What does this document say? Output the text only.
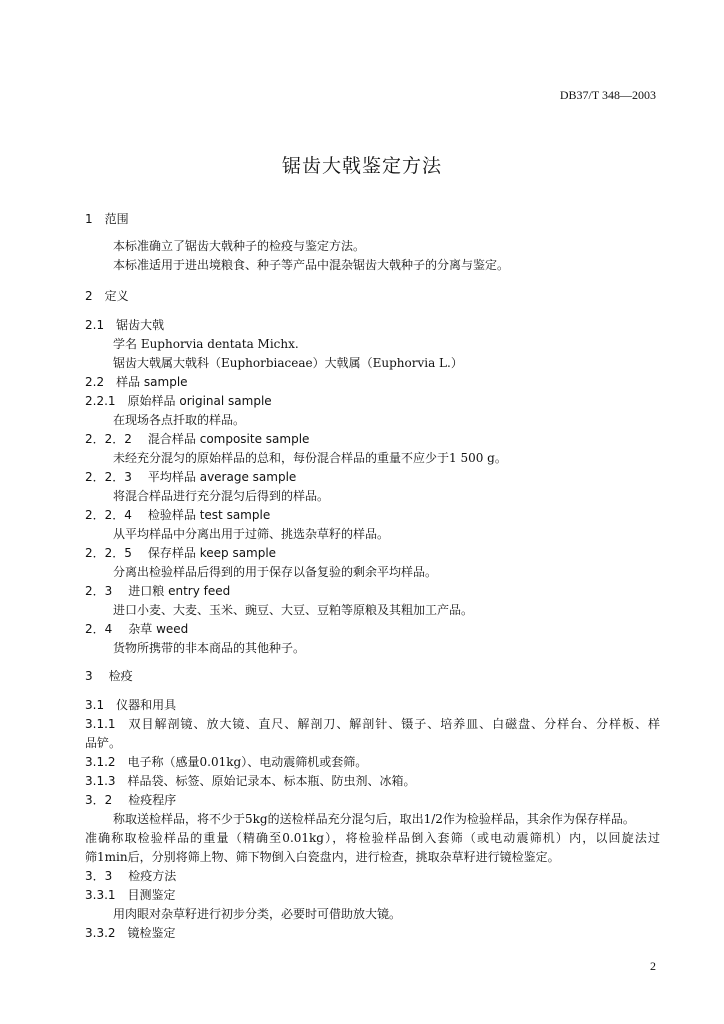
DB37/T 348—2003
锯齿大戟鉴定方法
1 范围
本标准确立了锯齿大戟种子的检疫与鉴定方法。
本标准适用于进出境粮食、种子等产品中混杂锯齿大戟种子的分离与鉴定。
2 定义
2.1 锯齿大戟
学名 Euphorvia dentata Michx.
锯齿大戟属大戟科（Euphorbiaceae）大戟属（Euphorvia L.）
2.2 样品 sample
2.2.1 原始样品 original sample
在现场各点扦取的样品。
2．2．2 混合样品 composite sample
未经充分混匀的原始样品的总和，每份混合样品的重量不应少于1 500 g。
2．2．3 平均样品 average sample
将混合样品进行充分混匀后得到的样品。
2．2．4 检验样品 test sample
从平均样品中分离出用于过筛、挑选杂草籽的样品。
2．2．5 保存样品 keep sample
分离出检验样品后得到的用于保存以备复验的剩余平均样品。
2．3 进口粮 entry feed
进口小麦、大麦、玉米、豌豆、大豆、豆粕等原粮及其粗加工产品。
2．4 杂草 weed
货物所携带的非本商品的其他种子。
3 检疫
3.1 仪器和用具
3.1.1 双目解剖镜、放大镜、直尺、解剖刀、解剖针、镊子、培养皿、白磁盘、分样台、分样板、样
品铲。
3.1.2 电子称（感量0.01kg）、电动震筛机或套筛。
3.1.3 样品袋、标签、原始记录本、标本瓶、防虫剂、冰箱。
3．2 检疫程序
称取送检样品，将不少于5kg的送检样品充分混匀后，取出1/2作为检验样品，其余作为保存样品。
准确称取检验样品的重量（精确至0.01kg），将检验样品倒入套筛（或电动震筛机）内，以回旋法过
筛1min后，分别将筛上物、筛下物倒入白瓷盘内，进行检查，挑取杂草籽进行镜检鉴定。
3．3 检疫方法
3.3.1 目测鉴定
用肉眼对杂草籽进行初步分类，必要时可借助放大镜。
3.3.2 镜检鉴定
2
